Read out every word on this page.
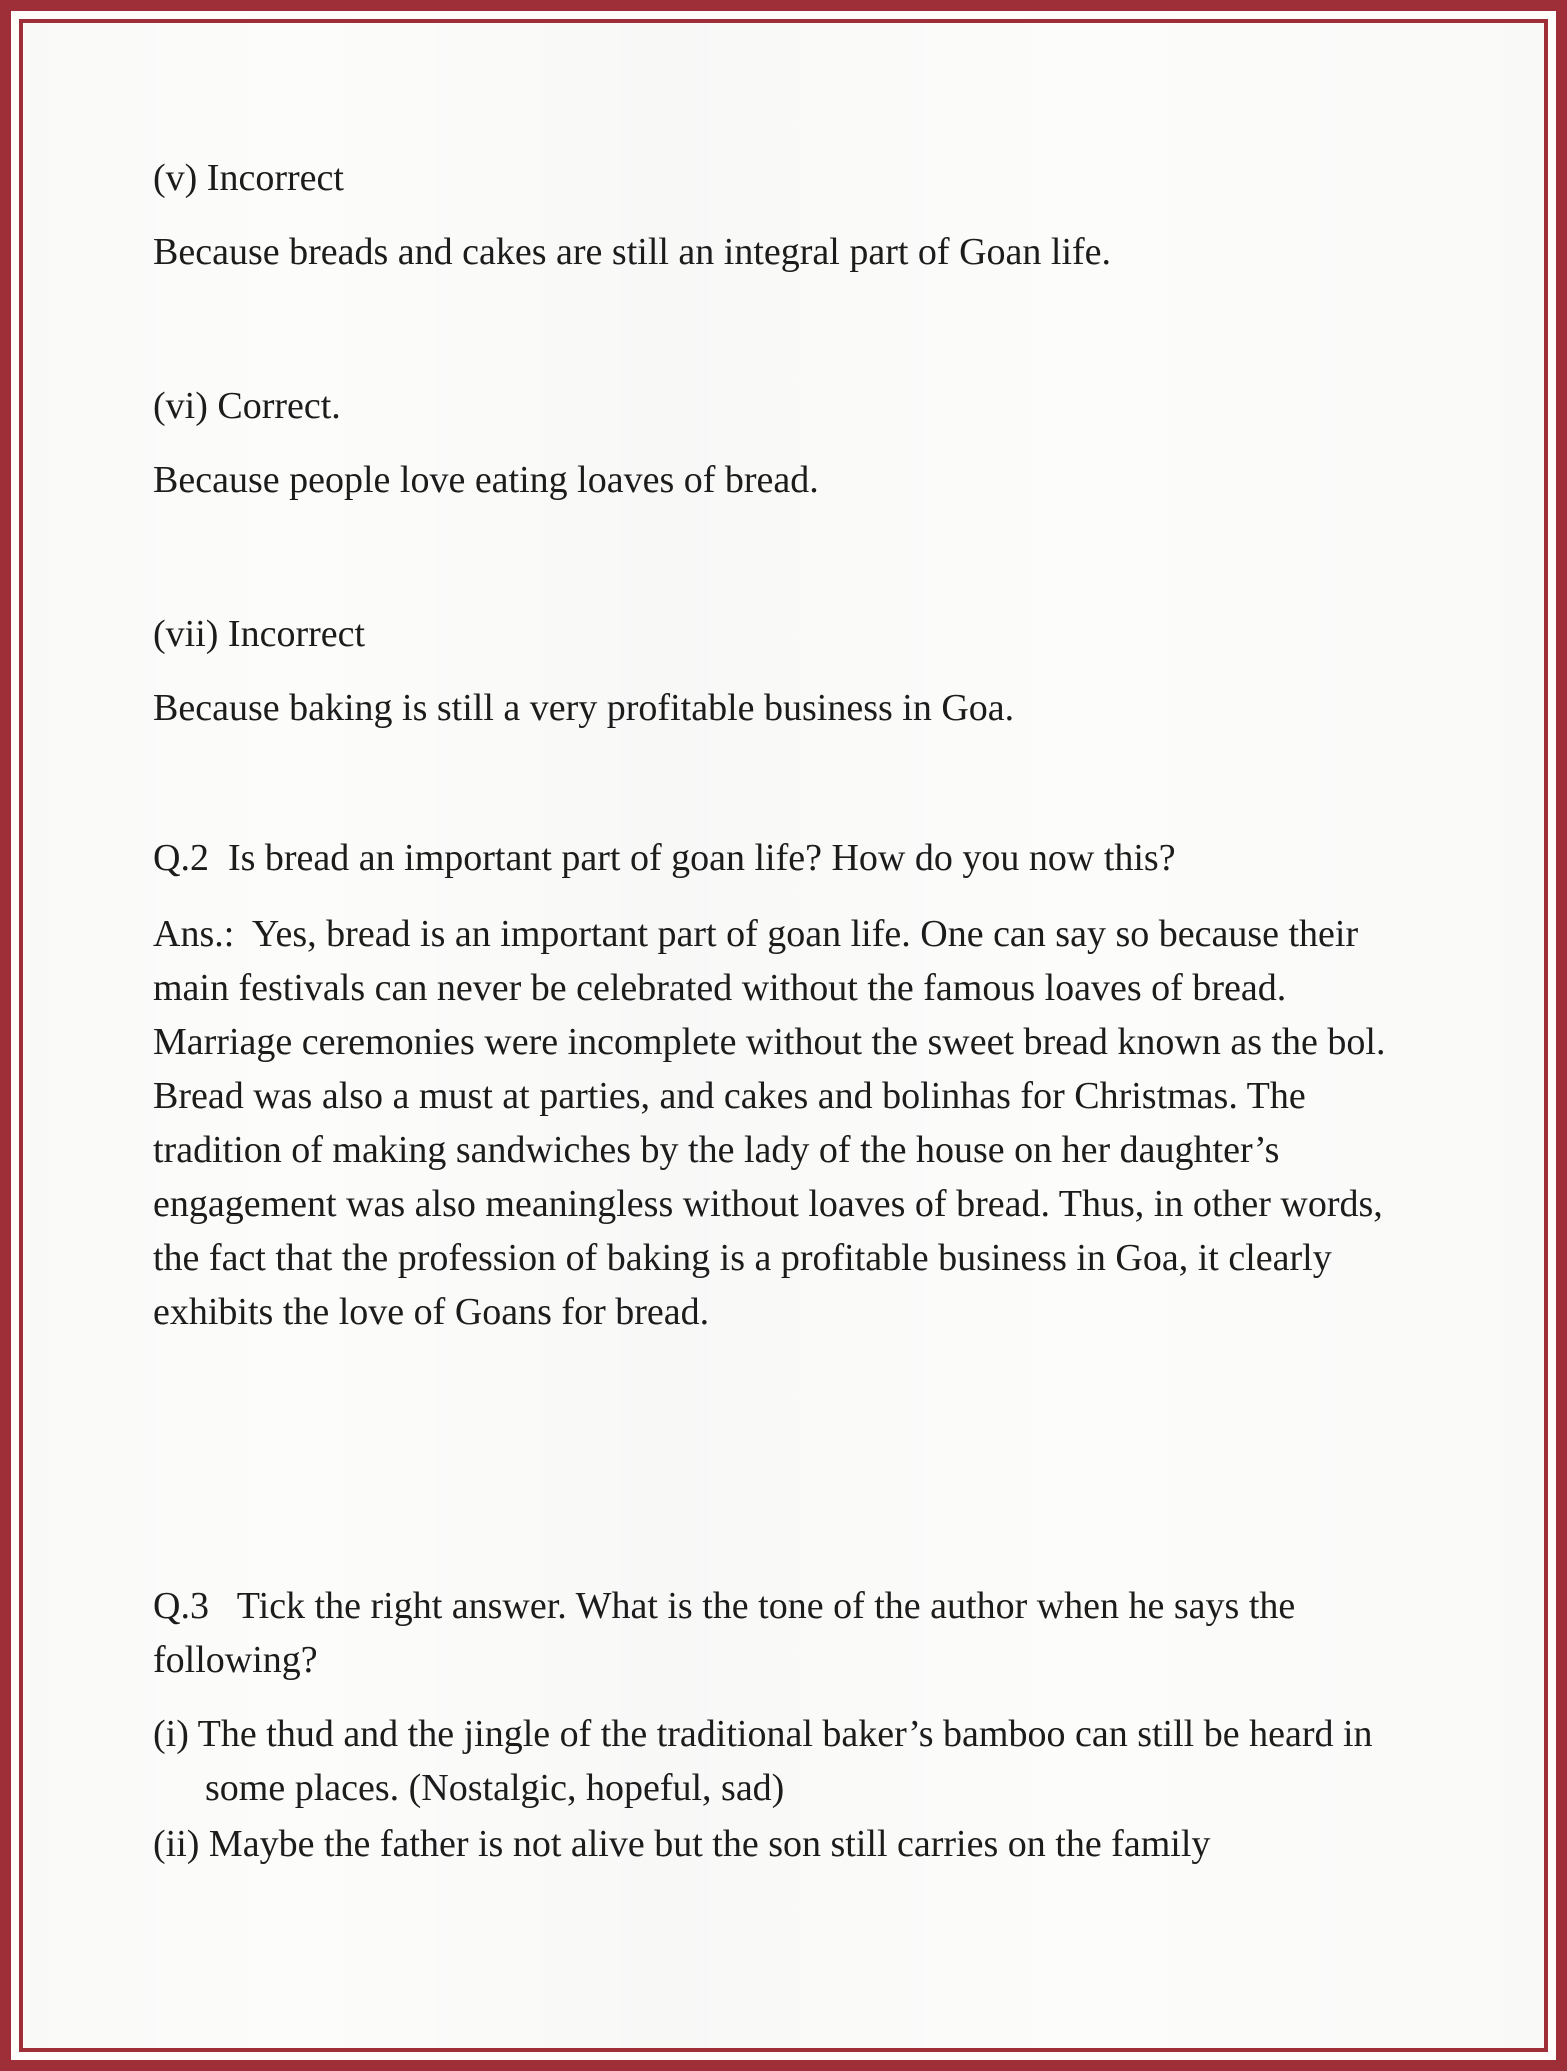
(v) Incorrect

Because breads and cakes are still an integral part of Goan life.

(vi) Correct.

Because people love eating loaves of bread.

(vii) Incorrect

Because baking is still a very profitable business in Goa.

Q.2  Is bread an important part of goan life? How do you now this?

Ans.:  Yes, bread is an important part of goan life. One can say so because their main festivals can never be celebrated without the famous loaves of bread. Marriage ceremonies were incomplete without the sweet bread known as the bol. Bread was also a must at parties, and cakes and bolinhas for Christmas. The tradition of making sandwiches by the lady of the house on her daughter’s engagement was also meaningless without loaves of bread. Thus, in other words, the fact that the profession of baking is a profitable business in Goa, it clearly exhibits the love of Goans for bread.

Q.3   Tick the right answer. What is the tone of the author when he says the following?

(i) The thud and the jingle of the traditional baker’s bamboo can still be heard in some places. (Nostalgic, hopeful, sad)

(ii) Maybe the father is not alive but the son still carries on the family
